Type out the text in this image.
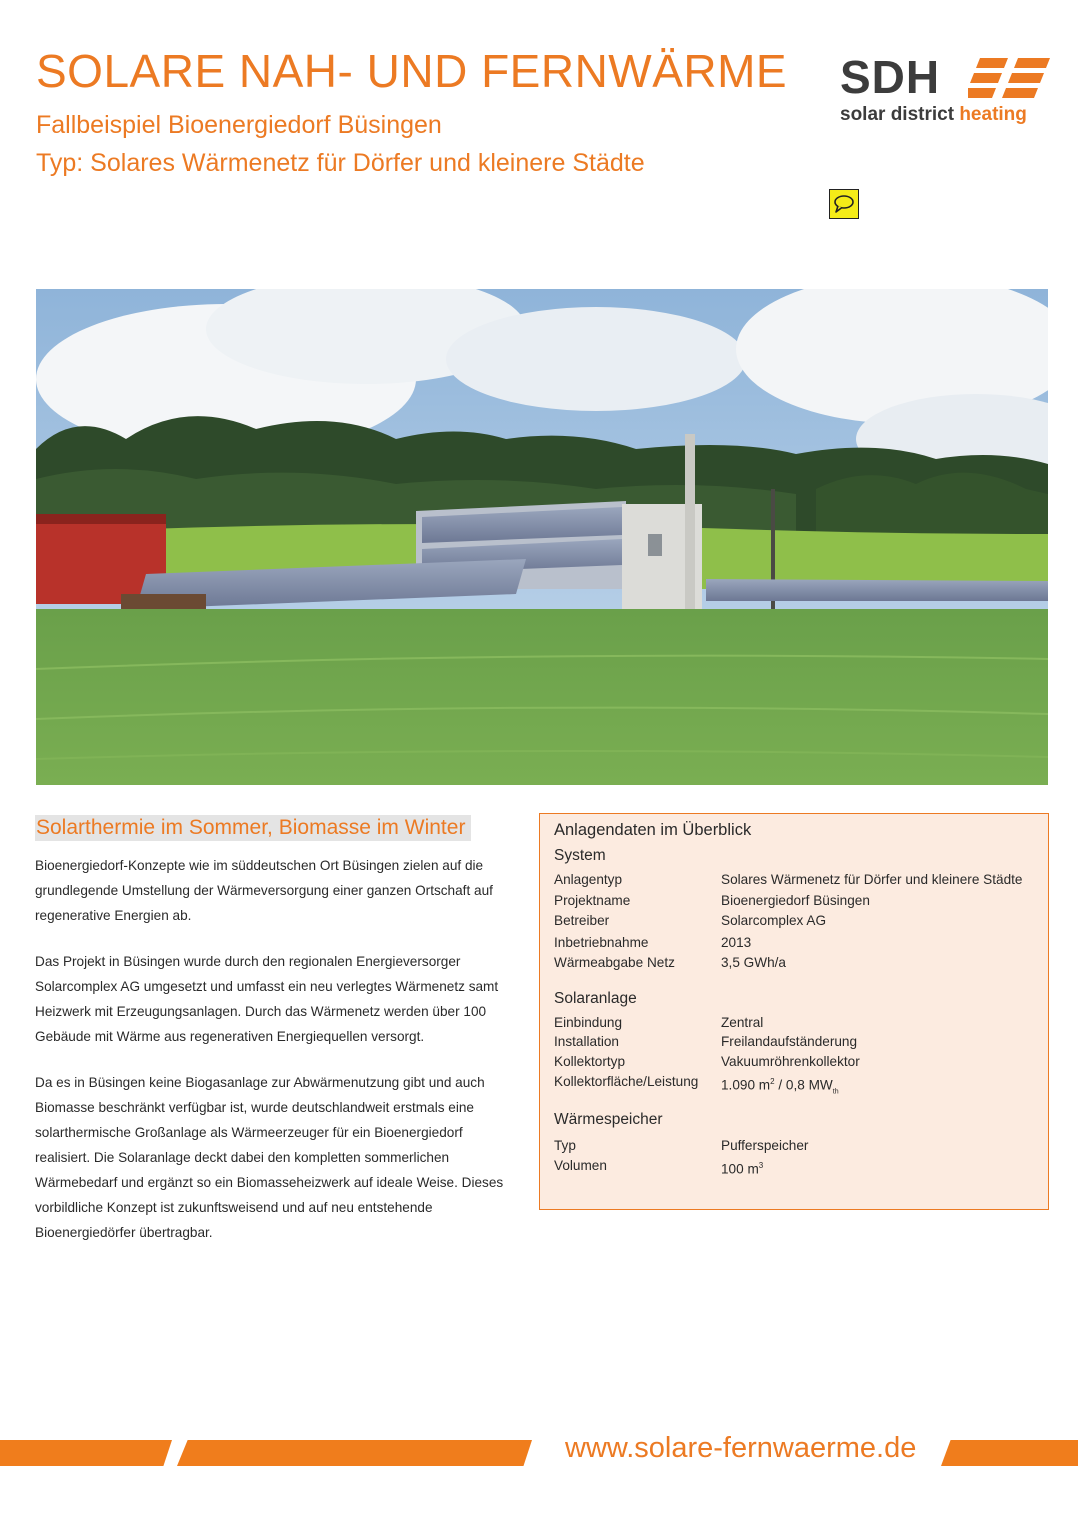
SOLARE NAH- UND FERNWÄRME
Fallbeispiel Bioenergiedorf Büsingen
Typ: Solares Wärmenetz für Dörfer und kleinere Städte
SDH
solar district heating
Solarthermie im Sommer, Biomasse im Winter

Bioenergiedorf-Konzepte wie im süddeutschen Ort Büsingen zielen auf die grundlegende Umstellung der Wärmeversorgung einer ganzen Ortschaft auf regenerative Energien ab.

Das Projekt in Büsingen wurde durch den regionalen Energieversorger Solarcomplex AG umgesetzt und umfasst ein neu verlegtes Wärmenetz samt Heizwerk mit Erzeugungsanlagen. Durch das Wärmenetz werden über 100 Gebäude mit Wärme aus regenerativen Energiequellen versorgt.

Da es in Büsingen keine Biogasanlage zur Abwärmenutzung gibt und auch Biomasse beschränkt verfügbar ist, wurde deutschlandweit erstmals eine solarthermische Großanlage als Wärmeerzeuger für ein Bioenergiedorf realisiert. Die Solaranlage deckt dabei den kompletten sommerlichen Wärmebedarf und ergänzt so ein Biomasseheizwerk auf ideale Weise. Dieses vorbildliche Konzept ist zukunftsweisend und auf neu entstehende Bioenergiedörfer übertragbar.

Anlagendaten im Überblick
System
Anlagentyp	Solares Wärmenetz für Dörfer und kleinere Städte
Projektname	Bioenergiedorf Büsingen
Betreiber	Solarcomplex AG
Inbetriebnahme	2013
Wärmeabgabe Netz	3,5 GWh/a
Solaranlage
Einbindung	Zentral
Installation	Freilandaufständerung
Kollektortyp	Vakuumröhrenkollektor
Kollektorfläche/Leistung 1.090 $m^2 / 0,8$ $MW_{th}$
Wärmespeicher
Typ	Pufferspeicher
Volumen	100 $m^3$
www.solare-fernwaerme.de
